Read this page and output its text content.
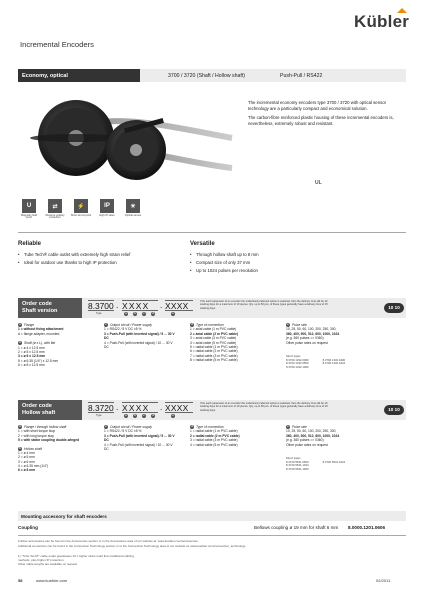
Kübler
Incremental Encoders
Economy, optical	3700 / 3720 (Shaft / Hollow shaft)	Push-Pull / RS422

The incremental economy encoders type 3700 / 3720 with optical sensor technology are a particularly compact and economical solution.

The carbon-fibre reinforced plastic housing of these incremental encoders is, nevertheless, extremely robust and resistant.

UL
U
Magnetic field proof
⇄
Reverse polarity protection
⚡
Short-circuit proof
IP
High IP value
☀
Optical sensor
Reliable
• Tube Tech® cable outlet with extremely high strain relief
• Ideal for outdoor use thanks to high IP protection
Versatile
• Through hollow shaft up to 8 mm
• Compact size of only 37 mm
• Up to 1024 pulses per revolution
Order code
Shaft version	8.3700
Type
. X X X X	. XXXX
a	b	c	d	e
If for each parameter of an encoder the underlined preferred option is selected, then the delivery time will be 10 working days for a maximum of 10 pieces. Qty. up to 50 pcs. of these types generally have a delivery time of 15 working days.	10 10
a Flange
1 = without fixing attachment
A = flange adapter, mounted
b Shaft (ø x L), with flat
1 = ø 4 x 12.5 mm
2 = ø 5 x 12.5 mm
3 = ø 6 x 12.5 mm
5 = ø 6.35 (1/4") x 12.5 mm
6 = ø 8 x 12.5 mm
c Output circuit / Power supply
1 = RS422 / 5 V DC ±5 %
3 = Push-Pull (with inverted signal) / 5 ... 30 V DC
4 = Push-Pull (with inverted signal) / 10 ... 30 V DC
d Type of connection
1 = axial cable (1 m PVC cable)
2 = axial cable (2 m PVC cable)
3 = axial cable (3 m PVC cable)
4 = axial cable (5 m PVC cable)
5 = radial cable (1 m PVC cable)
6 = radial cable (2 m PVC cable)
7 = radial cable (3 m PVC cable)
8 = radial cable (5 m PVC cable)
e Pulse rate
10, 25, 50, 60, 100, 200, 250, 300,
360, 400, 500, 512, 600, 1000, 1024
(e.g. 360 pulses => 0360)
Other pulse rates on request
Stock types
8.3700.1332.0360
8.3700.1332.0500
8.3700.1332.1000
8.3700.1332.0400
8.3700.1332.1024
Order code
Hollow shaft	8.3720
Type
. X X X X	. XXXX
a	b	c	d	e
If for each parameter of an encoder the underlined preferred option is selected, then the delivery time will be 10 working days for a maximum of 10 pieces. Qty. up to 50 pcs. of these types generally have a delivery time of 15 working days.	10 10
a Flange / through hollow shaft
1 = with short torque stop
2 = with long torque stop
5 = with stator coupling double-winged
b Hollow shaft
1 = ø 4 mm
2 = ø 5 mm
3 = ø 6 mm
4 = ø 6.35 mm (1/4")
6 = ø 8 mm
c Output circuit / Power supply
1 = RS422 / 5 V DC ±5 %
3 = Push-Pull (with inverted signal) / 5 ... 30 V DC
4 = Push-Pull (with inverted signal) / 10 ... 30 V DC
d Type of connection
1 = radial cable (1 m PVC cable)
2 = radial cable (2 m PVC cable)
3 = radial cable (3 m PVC cable)
4 = radial cable (5 m PVC cable)
e Pulse rate
10, 25, 50, 60, 100, 200, 250, 300,
360, 400, 500, 512, 600, 1000, 1024
(e.g. 360 pulses => 0360)
Other pulse rates on request
Stock types
8.3720.5631.0500
8.3720.5631.1024
8.3720.5631.1000
8.3720.5631.1024
Mounting accessory for shaft encoders
Coupling	Bellows coupling ø 19 mm for shaft 6 mm 8.0000.1201.0606
Further accessories can be found in the Accessories section or in the Accessories area of our website at: www.kuebler.com/accessories.
Additional connectors can be found in the Connection Technology section or in the Connection Technology area of our website at: www.kuebler.com/connection_technology.
1) "Tube Tech®" cable outlet guarantees 10 x higher strain relief than traditional cabling.
methods, plus higher IP protection.
Other cable lengths are available on request.
58	www.kuebler.com	02/2011
